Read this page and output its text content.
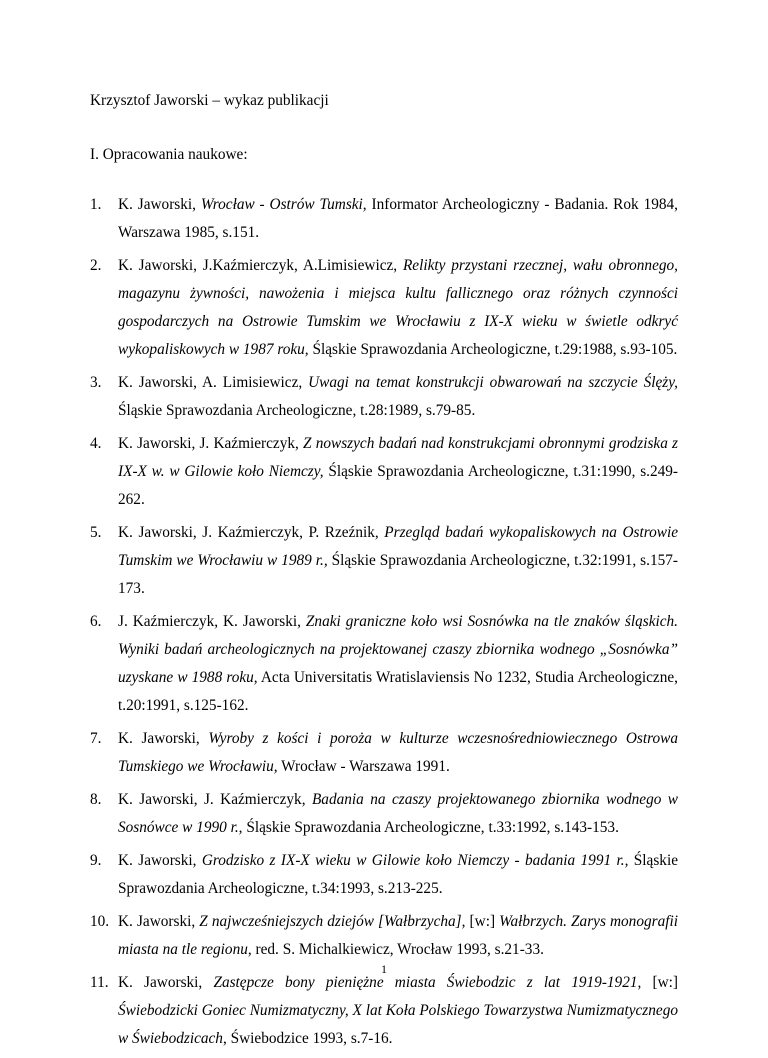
Krzysztof Jaworski – wykaz publikacji
I. Opracowania naukowe:
1. K. Jaworski, Wrocław - Ostrów Tumski, Informator Archeologiczny - Badania. Rok 1984, Warszawa 1985, s.151.
2. K. Jaworski, J.Kaźmierczyk, A.Limisiewicz, Relikty przystani rzecznej, wału obronnego, magazynu żywności, nawożenia i miejsca kultu fallicznego oraz różnych czynności gospodarczych na Ostrowie Tumskim we Wrocławiu z IX-X wieku w świetle odkryć wykopaliskowych w 1987 roku, Śląskie Sprawozdania Archeologiczne, t.29:1988, s.93-105.
3. K. Jaworski, A. Limisiewicz, Uwagi na temat konstrukcji obwarowań na szczycie Ślęży, Śląskie Sprawozdania Archeologiczne, t.28:1989, s.79-85.
4. K. Jaworski, J. Kaźmierczyk, Z nowszych badań nad konstrukcjami obronnymi grodziska z IX-X w. w Gilowie koło Niemczy, Śląskie Sprawozdania Archeologiczne, t.31:1990, s.249-262.
5. K. Jaworski, J. Kaźmierczyk, P. Rzeźnik, Przegląd badań wykopaliskowych na Ostrowie Tumskim we Wrocławiu w 1989 r., Śląskie Sprawozdania Archeologiczne, t.32:1991, s.157-173.
6. J. Kaźmierczyk, K. Jaworski, Znaki graniczne koło wsi Sosnówka na tle znaków śląskich. Wyniki badań archeologicznych na projektowanej czaszy zbiornika wodnego „Sosnówka” uzyskane w 1988 roku, Acta Universitatis Wratislaviensis No 1232, Studia Archeologiczne, t.20:1991, s.125-162.
7. K. Jaworski, Wyroby z kości i poroża w kulturze wczesnośredniowiecznego Ostrowa Tumskiego we Wrocławiu, Wrocław - Warszawa 1991.
8. K. Jaworski, J. Kaźmierczyk, Badania na czaszy projektowanego zbiornika wodnego w Sosnówce w 1990 r., Śląskie Sprawozdania Archeologiczne, t.33:1992, s.143-153.
9. K. Jaworski, Grodzisko z IX-X wieku w Gilowie koło Niemczy - badania 1991 r., Śląskie Sprawozdania Archeologiczne, t.34:1993, s.213-225.
10. K. Jaworski, Z najwcześniejszych dziejów [Wałbrzycha], [w:] Wałbrzych. Zarys monografii miasta na tle regionu, red. S. Michalkiewicz, Wrocław 1993, s.21-33.
11. K. Jaworski, Zastępcze bony pieniężne miasta Świebodzic z lat 1919-1921, [w:] Świebodzicki Goniec Numizmatyczny, X lat Koła Polskiego Towarzystwa Numizmatycznego w Świebodzicach, Świebodzice 1993, s.7-16.
1
